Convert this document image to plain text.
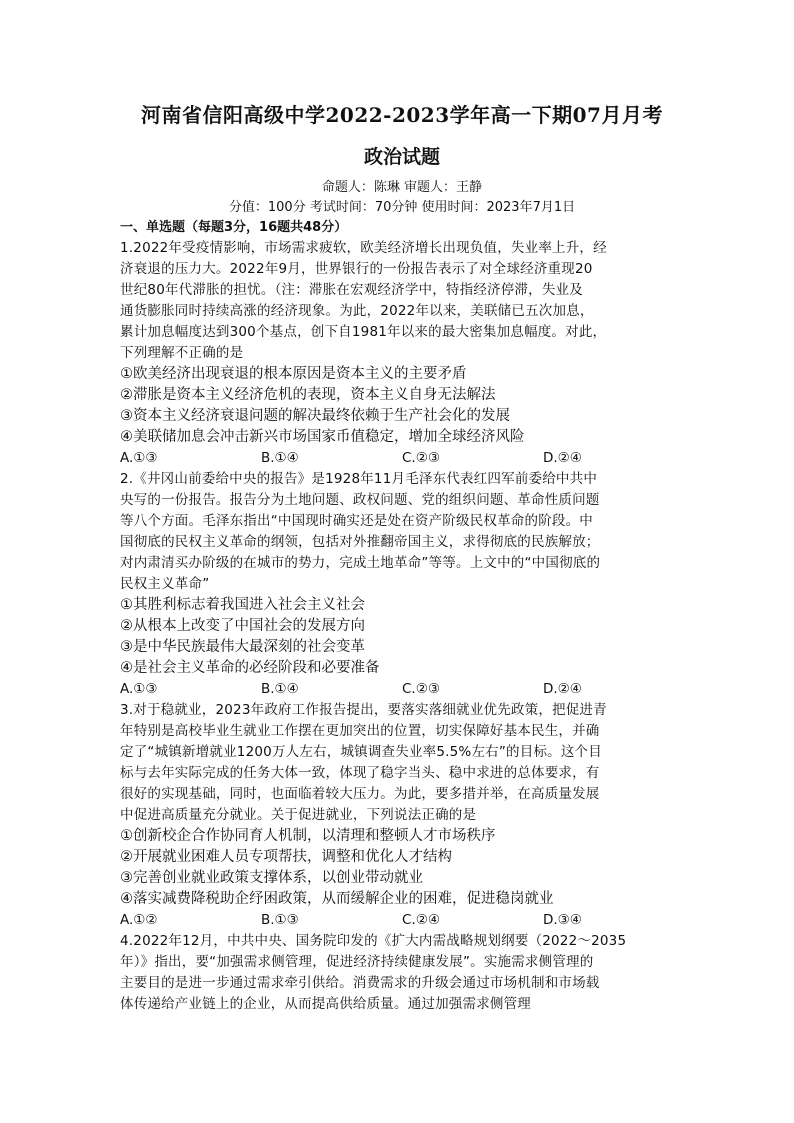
河南省信阳高级中学2022-2023学年高一下期07月月考

政治试题

命题人：陈琳 审题人：王静

分值：100分 考试时间：70分钟 使用时间：2023年7月1日

一、单选题（每题3分，16题共48分）

1.2022年受疫情影响，市场需求疲软，欧美经济增长出现负值，失业率上升，经

济衰退的压力大。2022年9月，世界银行的一份报告表示了对全球经济重现20

世纪80年代滞胀的担忧。（注：滞胀在宏观经济学中，特指经济停滞，失业及

通货膨胀同时持续高涨的经济现象。为此，2022年以来，美联储已五次加息，

累计加息幅度达到300个基点，创下自1981年以来的最大密集加息幅度。对此，

下列理解不正确的是

①欧美经济出现衰退的根本原因是资本主义的主要矛盾

②滞胀是资本主义经济危机的表现，资本主义自身无法解法

③资本主义经济衰退问题的解决最终依赖于生产社会化的发展

④美联储加息会冲击新兴市场国家币值稳定，增加全球经济风险

A.①③	B.①④	C.②③	D.②④

2.《井冈山前委给中央的报告》是1928年11月毛泽东代表红四军前委给中共中

央写的一份报告。报告分为土地问题、政权问题、党的组织问题、革命性质问题

等八个方面。毛泽东指出“中国现时确实还是处在资产阶级民权革命的阶段。中

国彻底的民权主义革命的纲领，包括对外推翻帝国主义，求得彻底的民族解放；

对内肃清买办阶级的在城市的势力，完成土地革命”等等。上文中的“中国彻底的

民权主义革命”

①其胜利标志着我国进入社会主义社会

②从根本上改变了中国社会的发展方向

③是中华民族最伟大最深刻的社会变革

④是社会主义革命的必经阶段和必要准备

A.①③	B.①④	C.②③	D.②④

3.对于稳就业，2023年政府工作报告提出，要落实落细就业优先政策，把促进青

年特别是高校毕业生就业工作摆在更加突出的位置，切实保障好基本民生，并确

定了“城镇新增就业1200万人左右，城镇调查失业率5.5%左右”的目标。这个目

标与去年实际完成的任务大体一致，体现了稳字当头、稳中求进的总体要求，有

很好的实现基础，同时，也面临着较大压力。为此，要多措并举，在高质量发展

中促进高质量充分就业。关于促进就业，下列说法正确的是

①创新校企合作协同育人机制，以清理和整顿人才市场秩序

②开展就业困难人员专项帮扶，调整和优化人才结构

③完善创业就业政策支撑体系，以创业带动就业

④落实减费降税助企纾困政策，从而缓解企业的困难，促进稳岗就业

A.①②	B.①③	C.②④	D.③④

4.2022年12月，中共中央、国务院印发的《扩大内需战略规划纲要（2022～2035

年）》指出，要“加强需求侧管理，促进经济持续健康发展”。实施需求侧管理的

主要目的是进一步通过需求牵引供给。消费需求的升级会通过市场机制和市场载

体传递给产业链上的企业，从而提高供给质量。通过加强需求侧管理
